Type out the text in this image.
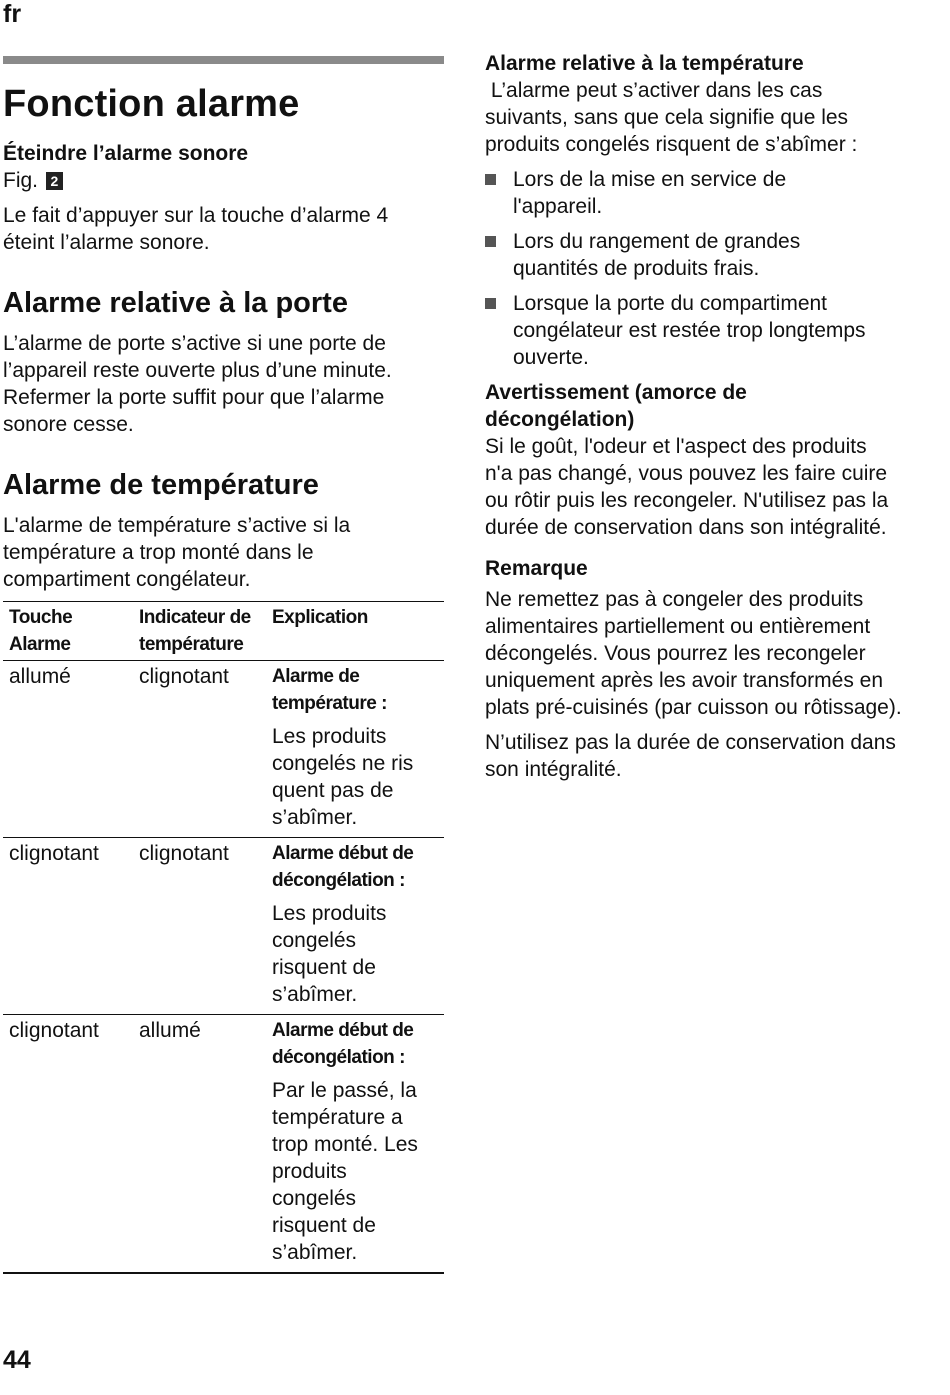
fr
Fonction alarme
Éteindre l’alarme sonore

Fig. 2

Le fait d’appuyer sur la touche d’alarme 4 éteint l’alarme sonore.

Alarme relative à la porte

L’alarme de porte s’active si une porte de l’appareil reste ouverte plus d’une minute. Refermer la porte suffit pour que l’alarme sonore cesse.

Alarme de température

L'alarme de température s’active si la température a trop monté dans le compartiment congélateur.

Touche Alarme	Indicateur de température	Explication
allumé	clignotant	Alarme de température :
Les produits congelés ne ris quent pas de s’abîmer.

clignotant	clignotant	Alarme début de décongélation :
Les produits congelés risquent de s’abîmer.

clignotant	allumé	Alarme début de décongélation :
Par le passé, la température a trop monté. Les produits congelés risquent de s’abîmer.
Alarme relative à la température

L’alarme peut s’activer dans les cas suivants, sans que cela signifie que les produits congelés risquent de s’abîmer :

Lors de la mise en service de l'appareil.
Lors du rangement de grandes quantités de produits frais.
Lorsque la porte du compartiment congélateur est restée trop longtemps ouverte.
Avertissement (amorce de décongélation)

Si le goût, l'odeur et l'aspect des produits n'a pas changé, vous pouvez les faire cuire ou rôtir puis les recongeler. N'utilisez pas la durée de conservation dans son intégralité.

Remarque

Ne remettez pas à congeler des produits alimentaires partiellement ou entièrement décongelés. Vous pourrez les recongeler uniquement après les avoir transformés en plats pré-cuisinés (par cuisson ou rôtissage).

N’utilisez pas la durée de conservation dans son intégralité.

44
